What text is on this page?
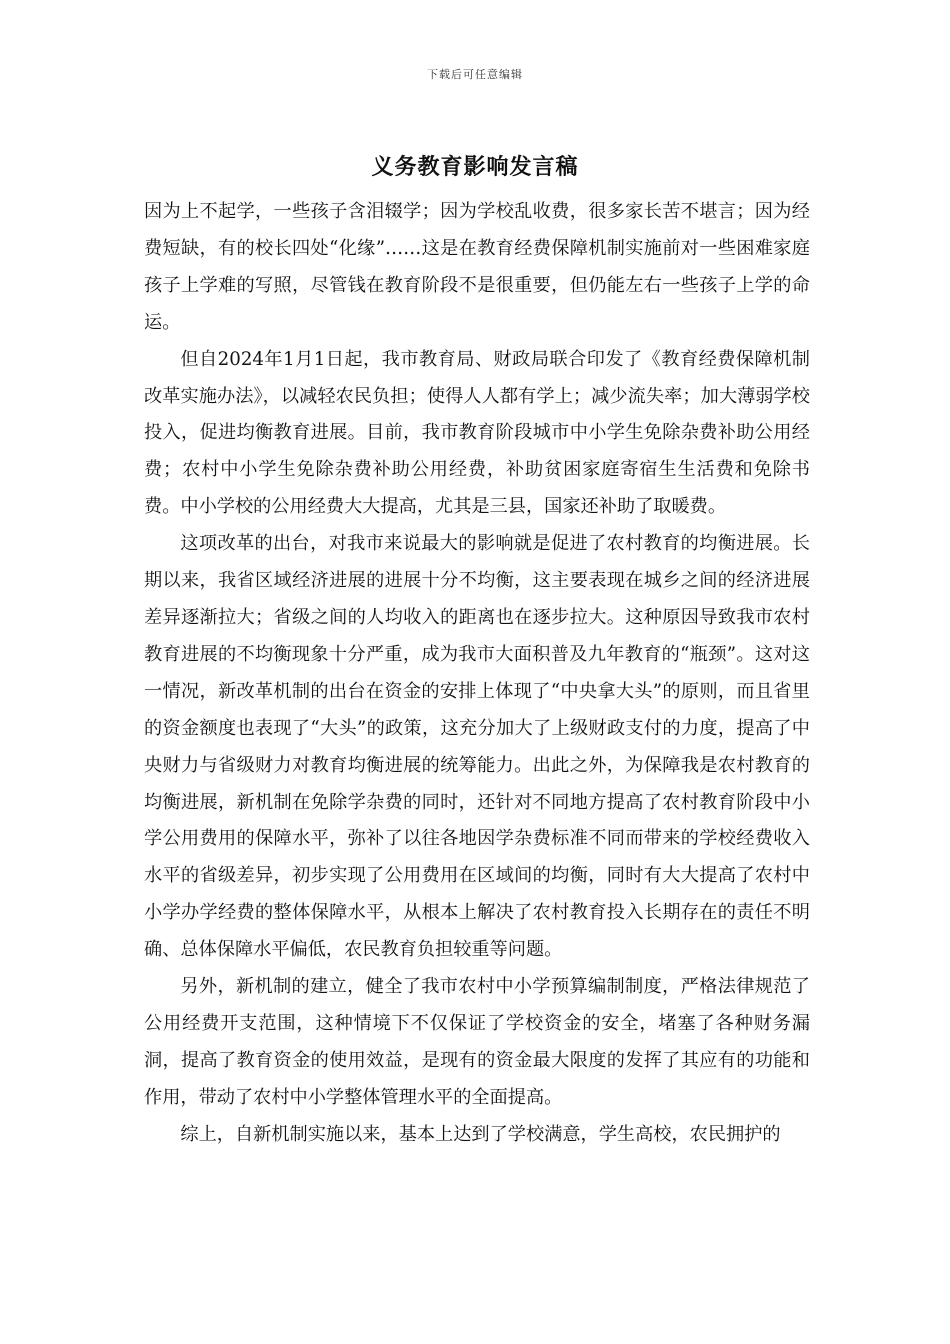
下载后可任意编辑
义务教育影响发言稿

因为上不起学，一些孩子含泪辍学；因为学校乱收费，很多家长苦不堪言；因为经费短缺，有的校长四处“化缘”……这是在教育经费保障机制实施前对一些困难家庭孩子上学难的写照，尽管钱在教育阶段不是很重要，但仍能左右一些孩子上学的命运。

但自2024年1月1日起，我市教育局、财政局联合印发了《教育经费保障机制改革实施办法》，以减轻农民负担；使得人人都有学上；减少流失率；加大薄弱学校投入，促进均衡教育进展。目前，我市教育阶段城市中小学生免除杂费补助公用经费；农村中小学生免除杂费补助公用经费，补助贫困家庭寄宿生生活费和免除书费。中小学校的公用经费大大提高，尤其是三县，国家还补助了取暖费。

这项改革的出台，对我市来说最大的影响就是促进了农村教育的均衡进展。长期以来，我省区域经济进展的进展十分不均衡，这主要表现在城乡之间的经济进展差异逐渐拉大；省级之间的人均收入的距离也在逐步拉大。这种原因导致我市农村教育进展的不均衡现象十分严重，成为我市大面积普及九年教育的“瓶颈”。这对这一情况，新改革机制的出台在资金的安排上体现了“中央拿大头”的原则，而且省里的资金额度也表现了“大头”的政策，这充分加大了上级财政支付的力度，提高了中央财力与省级财力对教育均衡进展的统筹能力。出此之外，为保障我是农村教育的均衡进展，新机制在免除学杂费的同时，还针对不同地方提高了农村教育阶段中小学公用费用的保障水平，弥补了以往各地因学杂费标准不同而带来的学校经费收入水平的省级差异，初步实现了公用费用在区域间的均衡，同时有大大提高了农村中小学办学经费的整体保障水平，从根本上解决了农村教育投入长期存在的责任不明确、总体保障水平偏低，农民教育负担较重等问题。

另外，新机制的建立，健全了我市农村中小学预算编制制度，严格法律规范了公用经费开支范围，这种情境下不仅保证了学校资金的安全，堵塞了各种财务漏洞，提高了教育资金的使用效益，是现有的资金最大限度的发挥了其应有的功能和作用，带动了农村中小学整体管理水平的全面提高。

综上，自新机制实施以来，基本上达到了学校满意，学生高校，农民拥护的
